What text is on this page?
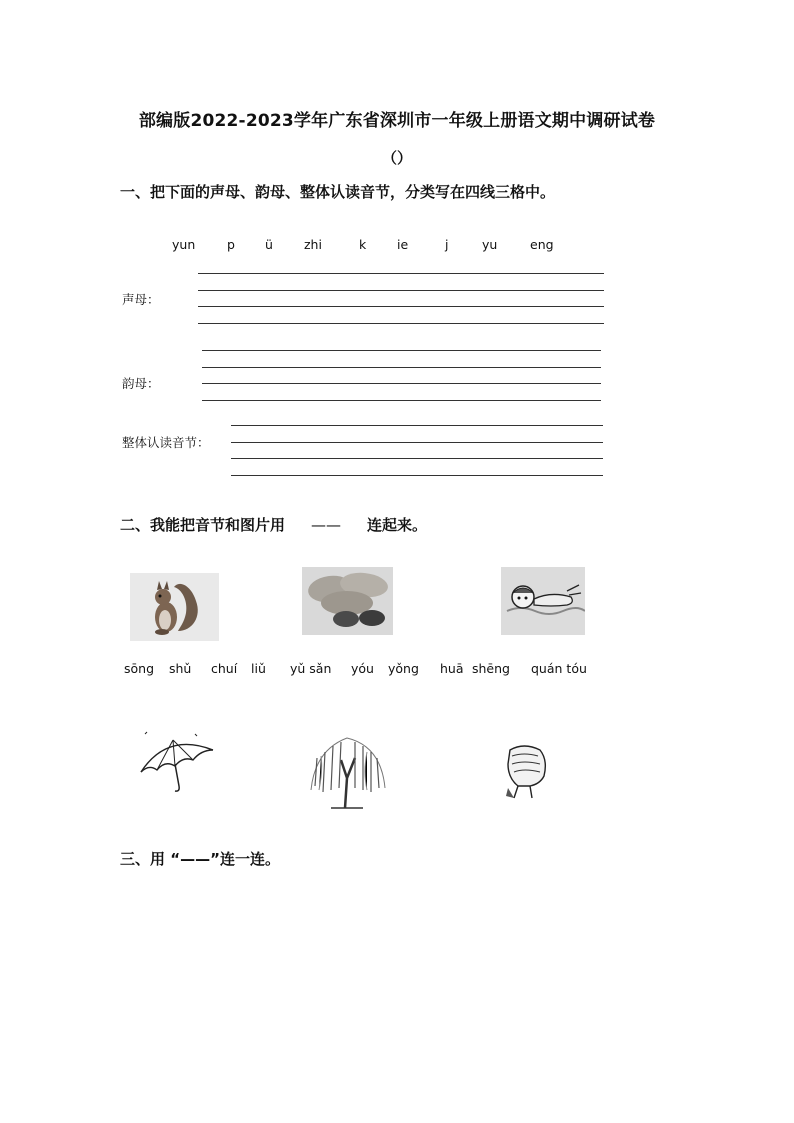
部编版2022-2023学年广东省深圳市一年级上册语文期中调研试卷
（）
一、把下面的声母、韵母、整体认读音节，分类写在四线三格中。
yun	p ü zhi	k ie	j	yu	eng
声母：
韵母：
整体认读音节：
二、我能把音节和图片用 —— 连起来。
sōng shǔ chuí liǔ yǔ sǎn yóu yǒng huā shēng quán tóu
三、用 “——”连一连。
